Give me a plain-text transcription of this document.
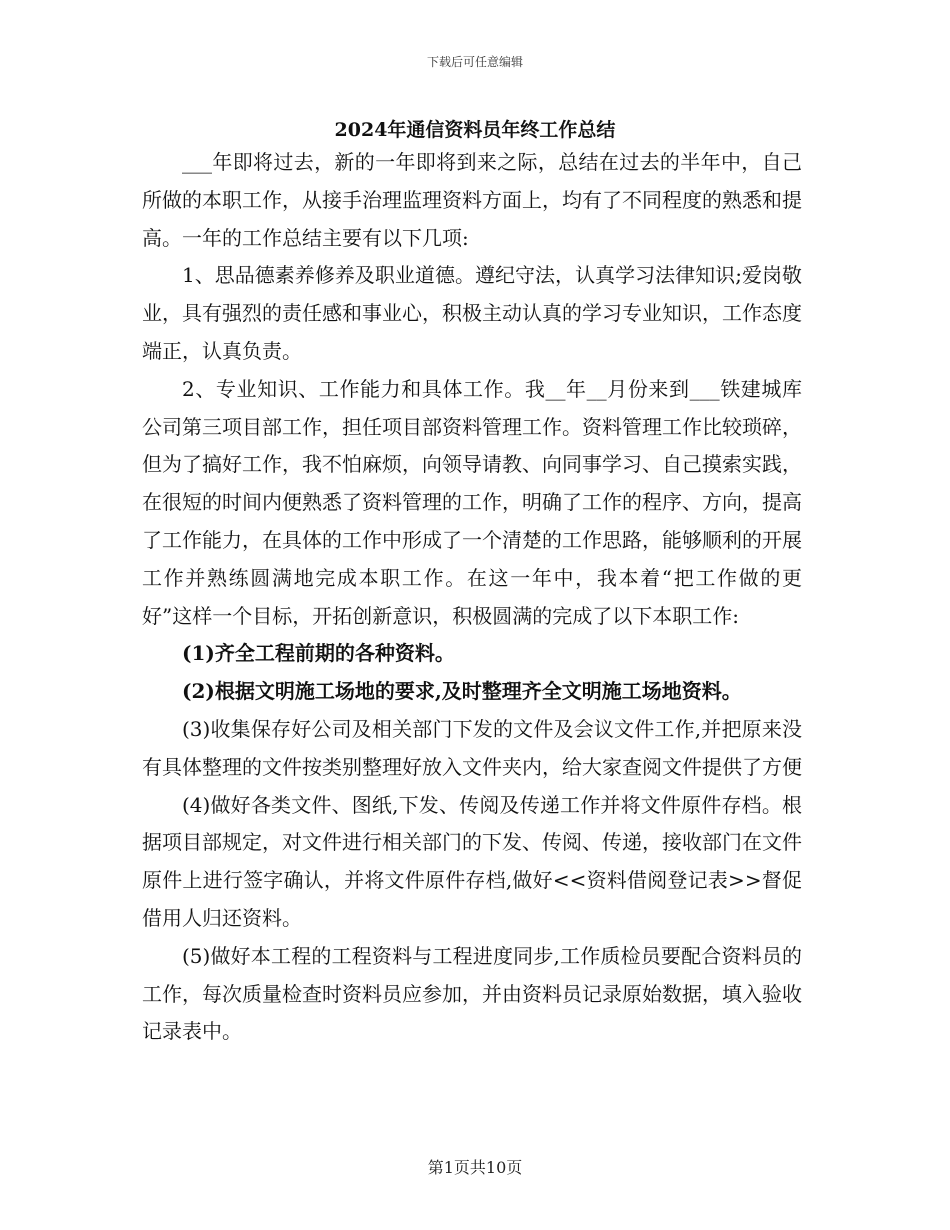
下载后可任意编辑
2024年通信资料员年终工作总结

___年即将过去，新的一年即将到来之际，总结在过去的半年中，自己所做的本职工作，从接手治理监理资料方面上，均有了不同程度的熟悉和提高。一年的工作总结主要有以下几项:

1、思品德素养修养及职业道德。遵纪守法，认真学习法律知识;爱岗敬业，具有强烈的责任感和事业心，积极主动认真的学习专业知识，工作态度端正，认真负责。

2、专业知识、工作能力和具体工作。我__年__月份来到___铁建城库公司第三项目部工作，担任项目部资料管理工作。资料管理工作比较琐碎，但为了搞好工作，我不怕麻烦，向领导请教、向同事学习、自己摸索实践，在很短的时间内便熟悉了资料管理的工作，明确了工作的程序、方向，提高了工作能力，在具体的工作中形成了一个清楚的工作思路，能够顺利的开展工作并熟练圆满地完成本职工作。在这一年中，我本着“把工作做的更好”这样一个目标，开拓创新意识，积极圆满的完成了以下本职工作:

(1)齐全工程前期的各种资料。

(2)根据文明施工场地的要求,及时整理齐全文明施工场地资料。

(3)收集保存好公司及相关部门下发的文件及会议文件工作,并把原来没有具体整理的文件按类别整理好放入文件夹内，给大家查阅文件提供了方便

(4)做好各类文件、图纸,下发、传阅及传递工作并将文件原件存档。根据项目部规定，对文件进行相关部门的下发、传阅、传递，接收部门在文件原件上进行签字确认，并将文件原件存档,做好<<资料借阅登记表>>督促借用人归还资料。

(5)做好本工程的工程资料与工程进度同步,工作质检员要配合资料员的工作，每次质量检查时资料员应参加，并由资料员记录原始数据，填入验收记录表中。

第1页共10页
